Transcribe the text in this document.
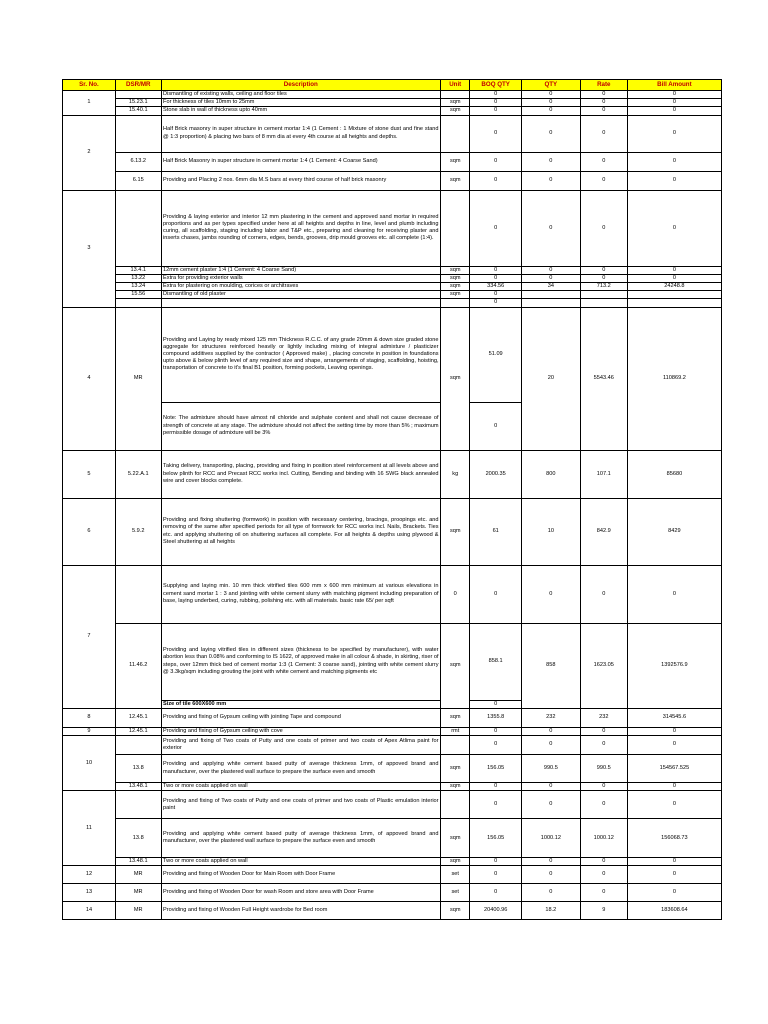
Sr. No.	DSR/MR	Description	Unit	BOQ QTY	QTY	Rate	Bill Amount
1		Dismantling of existing walls, ceiling and floor tiles		0	0	0	0
	15.23.1	For thickness of tiles 10mm to 25mm	sqm	0	0	0	0
	15.40.1	Stone slab in wall of thickness upto 40mm	sqm	0	0	0	0
2		Half Brick masonry in super structure in cement mortar 1:4 (1 Cement : 1 Mixture of stone dust and fine stand @ 1:3 proportion) & placing two bars of 8 mm dia at every 4th course at all heights and depths.		0	0	0	0
	6.13.2	Half Brick Masonry in super structure in cement mortar 1:4 (1 Cement: 4 Coarse Sand)	sqm	0	0	0	0
	6.15	Providing and Placing 2 nos. 6mm dia M.S bars at every third course of half brick masonry	sqm	0	0	0	0
3		Providing & laying exterior and interior 12 mm plastering in the cement and approved sand mortar in required proportions and as per types specified under here at all heights and depths in line, level and plumb including curing, all scaffolding, staging including labor and T&P etc., preparing and cleaning for receiving plaster and inserts chases, jambs rounding of corners, edges, bends, grooves, drip mould grooves etc. all complete (1:4).		0	0	0	0
	13.4.1	12mm cement plaster 1:4 (1 Cement: 4 Coarse Sand)	sqm	0	0	0	0
	13.22	Extra for providing exterior walls	sqm	0	0	0	0
	13.24	Extra for plastering on moulding, corices or architraves	sqm	334.56	34	713.2	24248.8
	15.56	Dismantling of old plaster	sqm	0			
				0			
4	MR	Providing and Laying by ready mixed 125 mm Thickness R.C.C. of any grade 20mm & down size graded stone aggregate for structures reinforced heavily or lightly including mixing of integral admixture / plasticizer compound additives supplied by the contractor ( Approved make) , placing concrete in position in foundations upto above & below plinth level of any required size and shape, arrangements of staging, scaffolding, hoisting, transportation of concrete to it's final B1 position, forming pockets, Leaving openings.	sqm	51.09	20	5543.46	110869.2
		Note: The admixture should have almost nil chloride and sulphate content and shall not cause decrease of strength of concrete at any stage. The admixture should not affect the setting time by more than 5% ; maximum permissible dosage of admixture will be 3%		0			
5	5.22.A.1	Taking delivery, transporting, placing, providing and fixing in position steel reinforcement at all levels above and below plinth for RCC and Precast RCC works incl. Cutting, Bending and binding with 16 SWG black annealed wire and cover blocks complete.	kg	2000.35	800	107.1	85680
6	5.9.2	Providing and fixing shuttering (formwork) in position with necessary centering, bracings, proopings etc. and removing of the same after specified periods for all type of formwork for RCC works incl. Nails, Brackets. Ties etc. and applying shuttering oil on shuttering surfaces all complete. For all heights & depths using plywood & Steel shuttering at all heights	sqm	61	10	842.9	8429
7		Supplying and laying min. 10 mm thick vitrified tiles 600 mm x 600 mm minimum at various elevations in cement sand mortar 1 : 3 and jointing with white cement slurry with matching pigment including preparation of base, laying underbed, curing, rubbing, polishing etc. with all materials. basic rate 65/ per sqft	0	0	0	0	0
	11.46.2	Providing and laying vitrified tiles in different sizes (thickness to be specified by manufacturer), with water abortion less than 0.08% and conforming to IS 1622, of approved make in all colour & shade, in skirting, riser of steps, over 12mm thick bed of cement mortar 1:3 (1 Cement: 3 coarse sand), jointing with white cement slurry @ 3.3kg/sqm including grouting the joint with white cement and matching pigments etc	sqm	858.1	858	1623.05	1392576.9
		Size of tile 600X600 mm		0			
8	12.45.1	Providing and fixing of Gypsum ceiling with jointing Tape and compound	sqm	1355.8	232	232	314545.6
9	12.45.1	Providing and fixing of Gypsum ceiling with cove	rmt	0	0	0	0
10		Providing and fixing of Two coats of Putty and one coats of primer and two coats of Apex Atlima paint for exterior		0	0	0	0
	13.8	Providing and applying white cement based putty of average thickness 1mm, of appoved brand and manufacturer, over the plastered wall surface to prepare the surface even and smooth	sqm	156.05	990.5	990.5	154567.525
	13.48.1	Two or more coats applied on wall	sqm	0	0	0	0
11		Providing and fixing of Two coats of Putty and one coats of primer and two coats of Plastic emulation interior paint		0	0	0	0
	13.8	Providing and applying white cement based putty of average thickness 1mm, of appoved brand and manufacturer, over the plastered wall surface to prepare the surface even and smooth	sqm	156.05	1000.12	1000.12	156068.73
	13.48.1	Two or more coats applied on wall	sqm	0	0	0	0
12	MR	Providing and fixing of Wooden Door for Main Room with Door Frame	set	0	0	0	0
13	MR	Providing and fixing of Wooden Door for wash Room and store area with Door Frame	set	0	0	0	0
14	MR	Providing and fixing of Wooden Full Height wardrobe for Bed room	sqm	20400.96	18.2	9	183608.64
